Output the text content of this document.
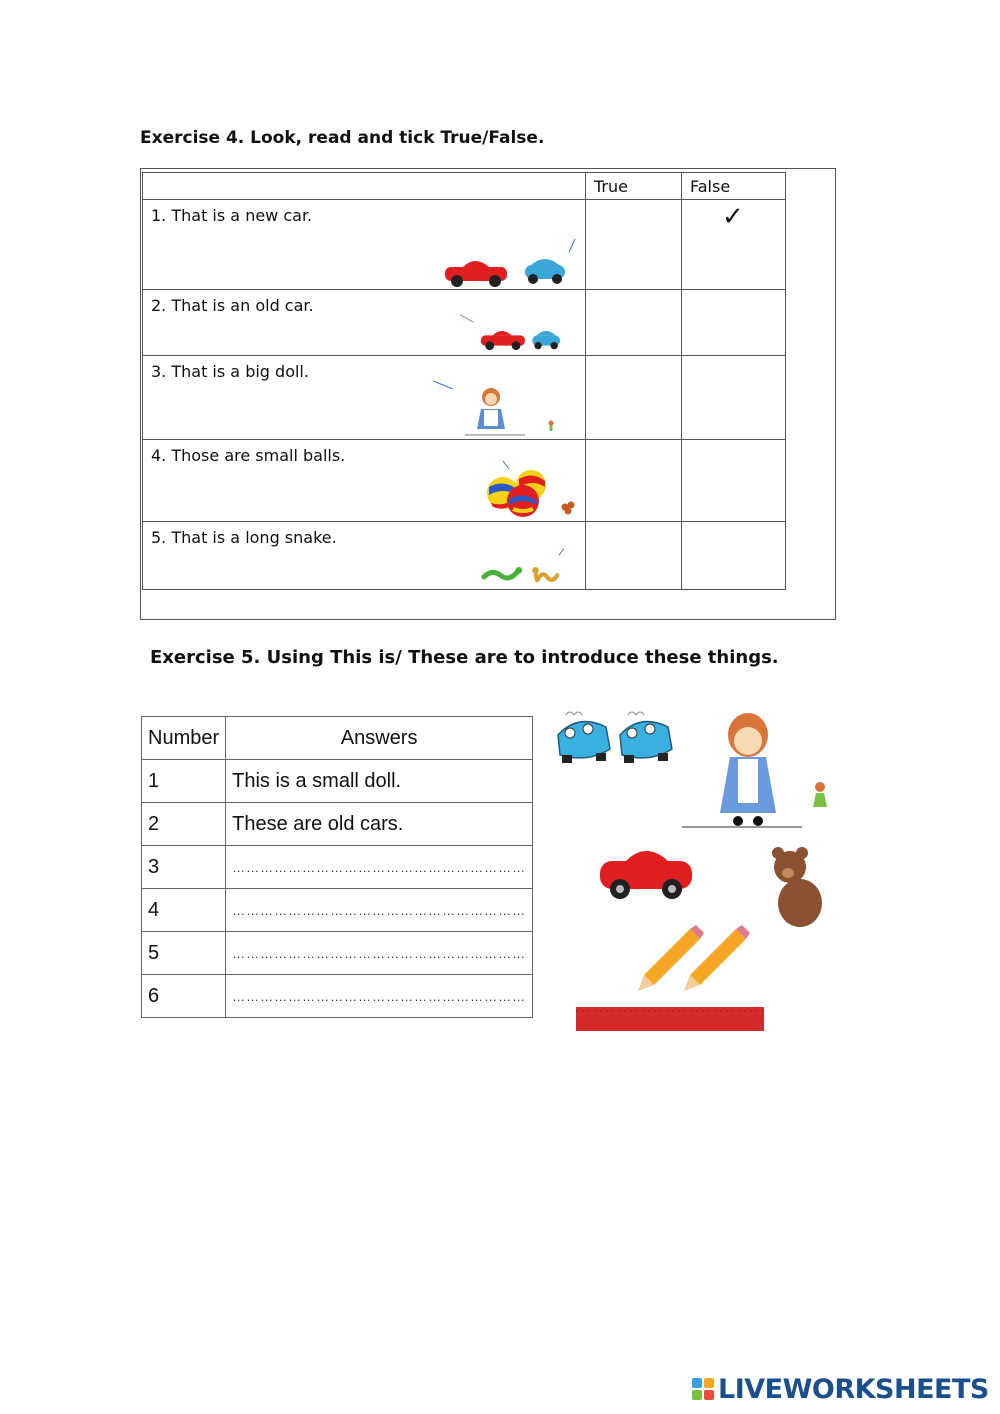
Exercise 4. Look, read and tick True/False.

	True	False

1. That is a new car.		✓

2. That is an old car.		

3. That is a big doll.		

4. Those are small balls.		

5. That is a long snake.		

Exercise 5. Using This is/ These are to introduce these things.
Number	Answers
1	This is a small doll.
2	These are old cars.
3	………………………………………………………
4	………………………………………………………
5	………………………………………………………
6	………………………………………………………
LIVEWORKSHEETS
